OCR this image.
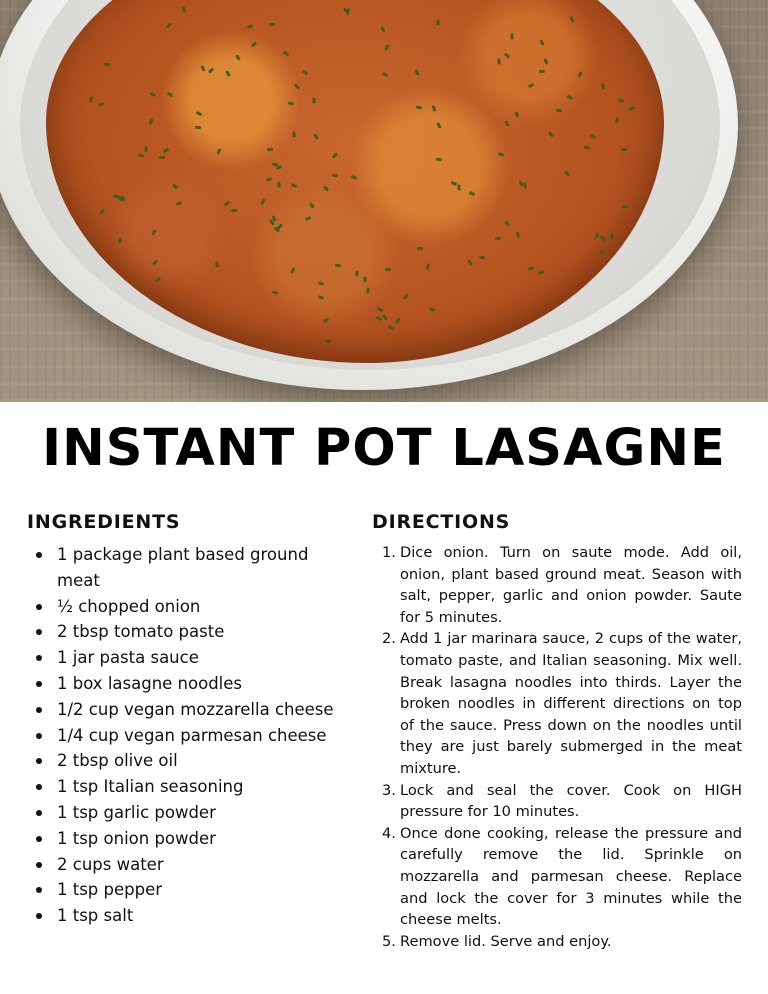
INSTANT POT LASAGNE
INGREDIENTS
1 package plant based ground meat
½ chopped onion
2 tbsp tomato paste
1 jar pasta sauce
1 box lasagne noodles
1/2 cup vegan mozzarella cheese
1/4 cup vegan parmesan cheese
2 tbsp olive oil
1 tsp Italian seasoning
1 tsp garlic powder
1 tsp onion powder
2 cups water
1 tsp pepper
1 tsp salt
DIRECTIONS
1. Dice onion. Turn on saute mode. Add oil, onion, plant based ground meat. Season with salt, pepper, garlic and onion powder. Saute for 5 minutes.
2. Add 1 jar marinara sauce, 2 cups of the water, tomato paste, and Italian seasoning. Mix well. Break lasagna noodles into thirds. Layer the broken noodles in different directions on top of the sauce. Press down on the noodles until they are just barely submerged in the meat mixture.
3. Lock and seal the cover. Cook on HIGH pressure for 10 minutes.
4. Once done cooking, release the pressure and carefully remove the lid. Sprinkle on mozzarella and parmesan cheese. Replace and lock the cover for 3 minutes while the cheese melts.
5. Remove lid. Serve and enjoy.
